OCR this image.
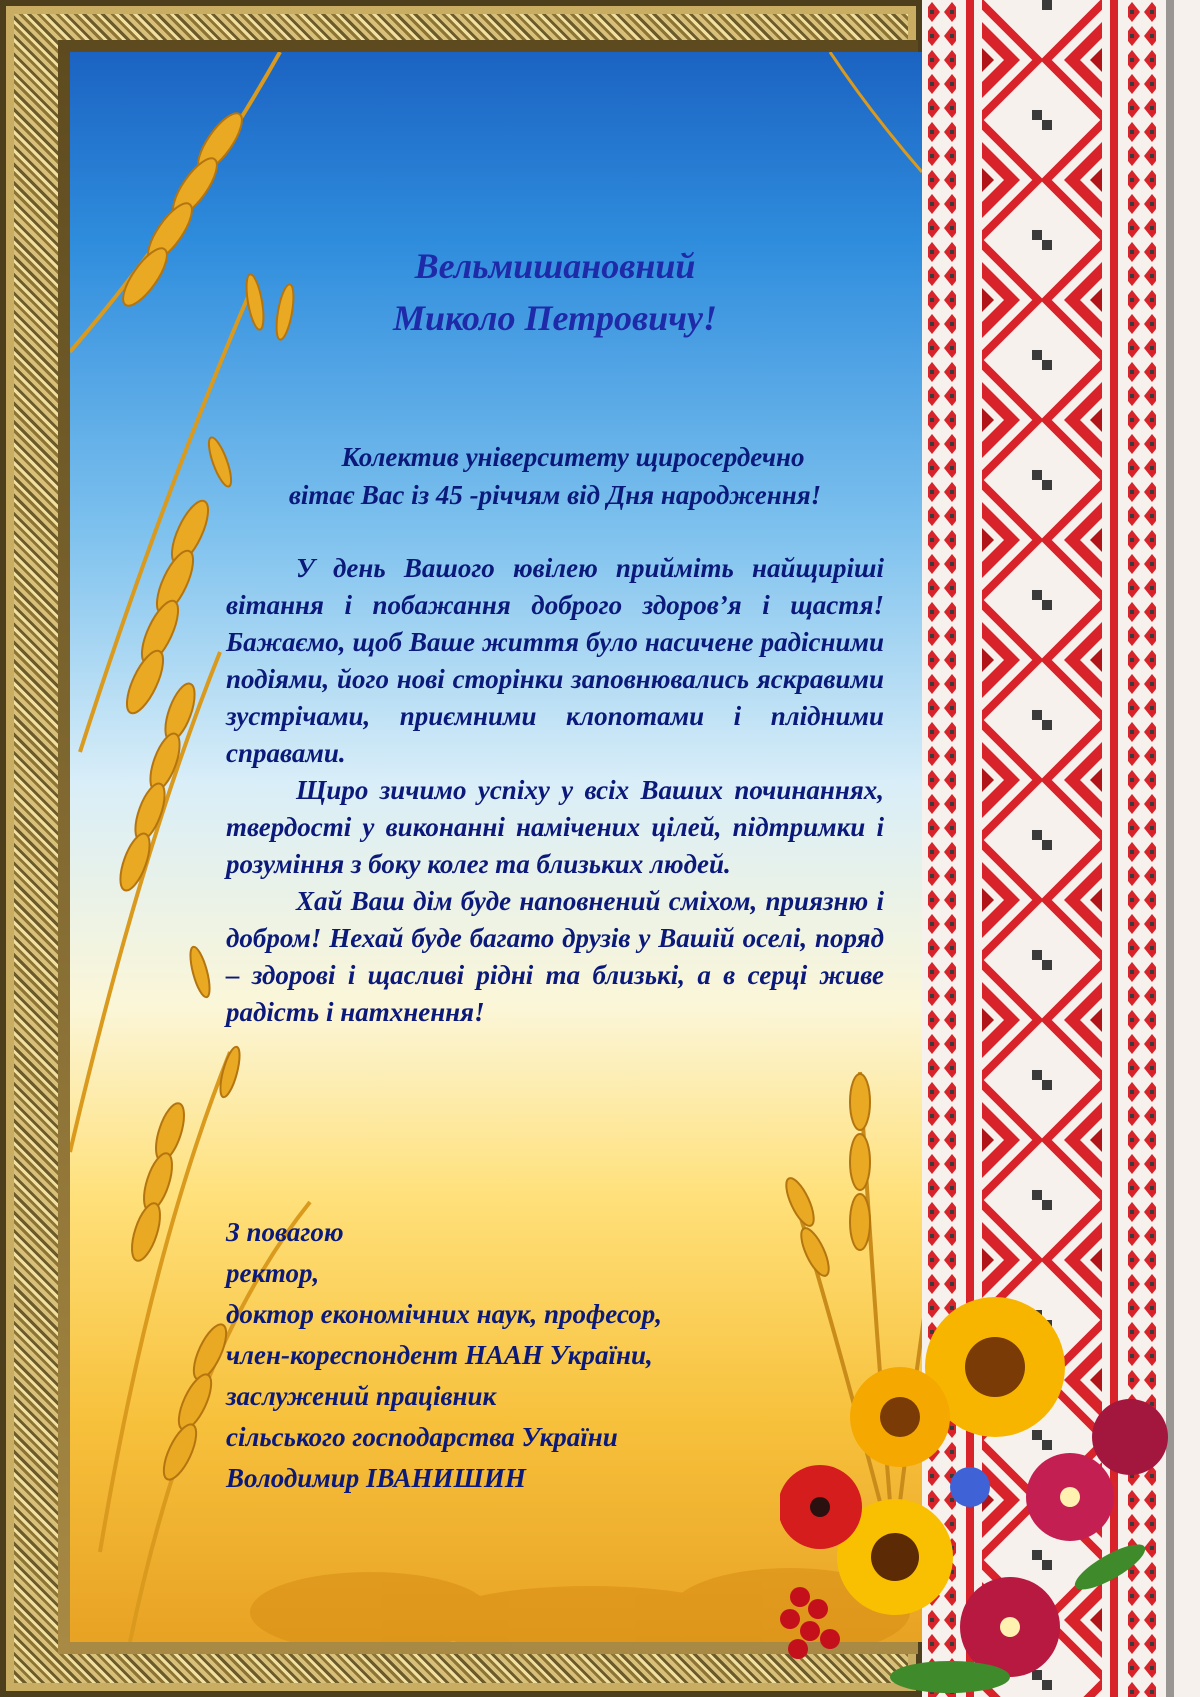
Вельмишановний
Миколо Петровичу!
Колектив університету щиросердечно
вітає Вас із 45 -річчям від Дня народження!

У день Вашого ювілею прийміть найщиріші вітання і побажання доброго здоров’я і щастя! Бажаємо, щоб Ваше життя було насичене радісними подіями, його нові сторінки заповнювались яскравими зустрічами, приємними клопотами і плідними справами.

Щиро зичимо успіху у всіх Ваших починаннях, твердості у виконанні намічених цілей, підтримки і розуміння з боку колег та близьких людей.

Хай Ваш дім буде наповнений сміхом, приязню і добром! Нехай буде багато друзів у Вашій оселі, поряд – здорові і щасливі рідні та близькі, а в серці живе радість і натхнення!

З повагою
ректор,
доктор економічних наук, професор,
член-кореспондент НААН України,
заслужений працівник
сільського господарства України
Володимир ІВАНИШИН
